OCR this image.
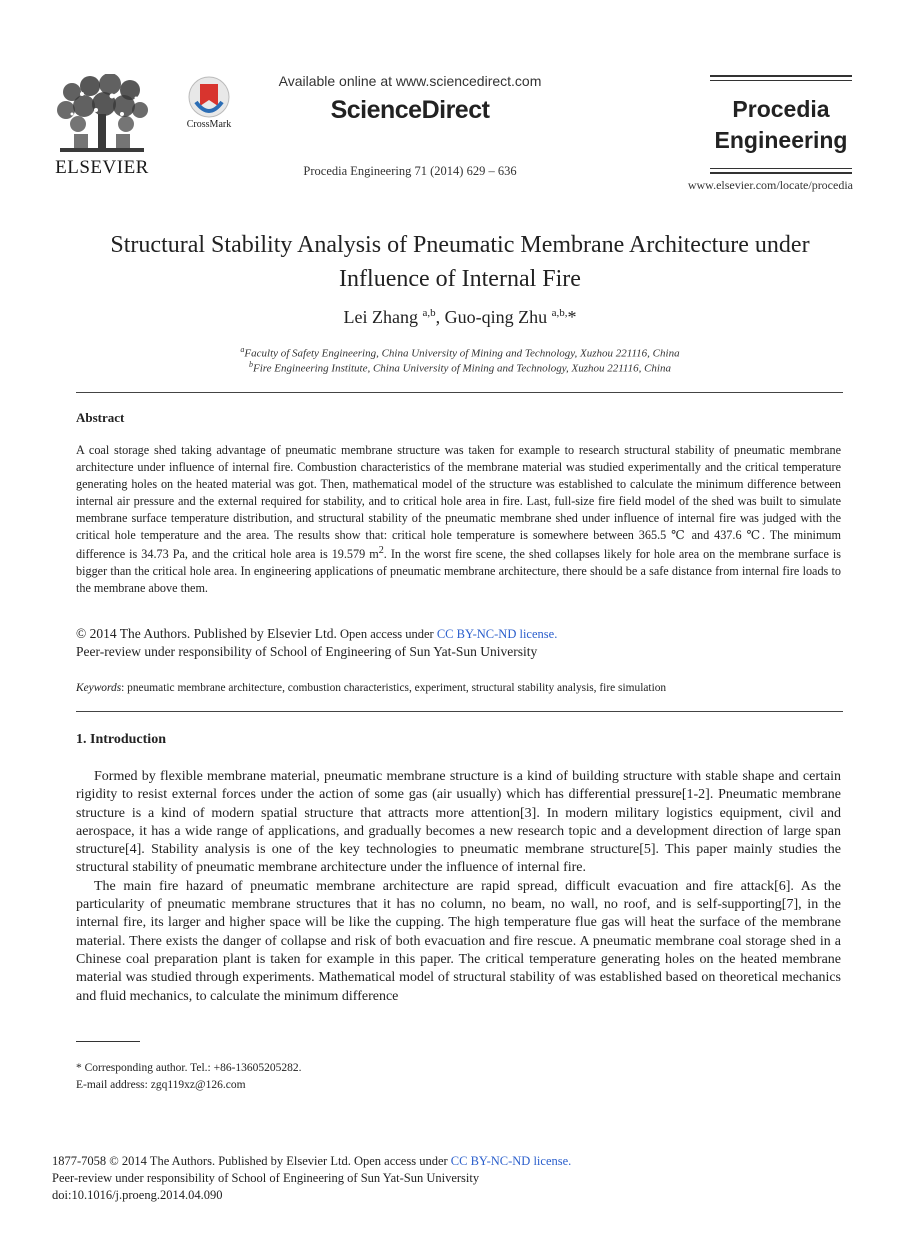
ELSEVIER
CrossMark
Available online at www.sciencedirect.com
ScienceDirect
Procedia Engineering 71 (2014) 629 – 636
Procedia
Engineering
www.elsevier.com/locate/procedia
Structural Stability Analysis of Pneumatic Membrane Architecture under
Influence of Internal Fire
Lei Zhang $^{a,b}$, Guo-qing Zhu $^{a,b,}$*
$^a$Faculty of Safety Engineering, China University of Mining and Technology, Xuzhou 221116, China
$^b$Fire Engineering Institute, China University of Mining and Technology, Xuzhou 221116, China
Abstract

A coal storage shed taking advantage of pneumatic membrane structure was taken for example to research structural stability of pneumatic membrane architecture under influence of internal fire. Combustion characteristics of the membrane material was studied experimentally and the critical temperature generating holes on the heated material was got. Then, mathematical model of the structure was established to calculate the minimum difference between internal air pressure and the external required for stability, and to critical hole area in fire. Last, full-size fire field model of the shed was built to simulate membrane surface temperature distribution, and structural stability of the pneumatic membrane shed under influence of internal fire was judged with the critical hole temperature and the area. The results show that: critical hole temperature is somewhere between 365.5 ℃ and 437.6 ℃. The minimum difference is 34.73 Pa, and the critical hole area is 19.579 $m^2$. In the worst fire scene, the shed collapses likely for hole area on the membrane surface is bigger than the critical hole area. In engineering applications of pneumatic membrane architecture, there should be a safe distance from internal fire loads to the membrane above them.

© 2014 The Authors. Published by Elsevier Ltd. Open access under CC BY-NC-ND license.
Peer-review under responsibility of School of Engineering of Sun Yat-Sun University
Keywords: pneumatic membrane architecture, combustion characteristics, experiment, structural stability analysis, fire simulation
1. Introduction

Formed by flexible membrane material, pneumatic membrane structure is a kind of building structure with stable shape and certain rigidity to resist external forces under the action of some gas (air usually) which has differential pressure[1-2]. Pneumatic membrane structure is a kind of modern spatial structure that attracts more attention[3]. In modern military logistics equipment, civil and aerospace, it has a wide range of applications, and gradually becomes a new research topic and a development direction of large span structure[4]. Stability analysis is one of the key technologies to pneumatic membrane structure[5]. This paper mainly studies the structural stability of pneumatic membrane architecture under the influence of internal fire.

The main fire hazard of pneumatic membrane architecture are rapid spread, difficult evacuation and fire attack[6]. As the particularity of pneumatic membrane structures that it has no column, no beam, no wall, no roof, and is self-supporting[7], in the internal fire, its larger and higher space will be like the cupping. The high temperature flue gas will heat the surface of the membrane material. There exists the danger of collapse and risk of both evacuation and fire rescue. A pneumatic membrane coal storage shed in a Chinese coal preparation plant is taken for example in this paper. The critical temperature generating holes on the heated membrane material was studied through experiments. Mathematical model of structural stability of was established based on theoretical mechanics and fluid mechanics, to calculate the minimum difference

* Corresponding author. Tel.: +86-13605205282.
E-mail address: zgq119xz@126.com
1877-7058 © 2014 The Authors. Published by Elsevier Ltd. Open access under CC BY-NC-ND license.
Peer-review under responsibility of School of Engineering of Sun Yat-Sun University
doi:10.1016/j.proeng.2014.04.090
